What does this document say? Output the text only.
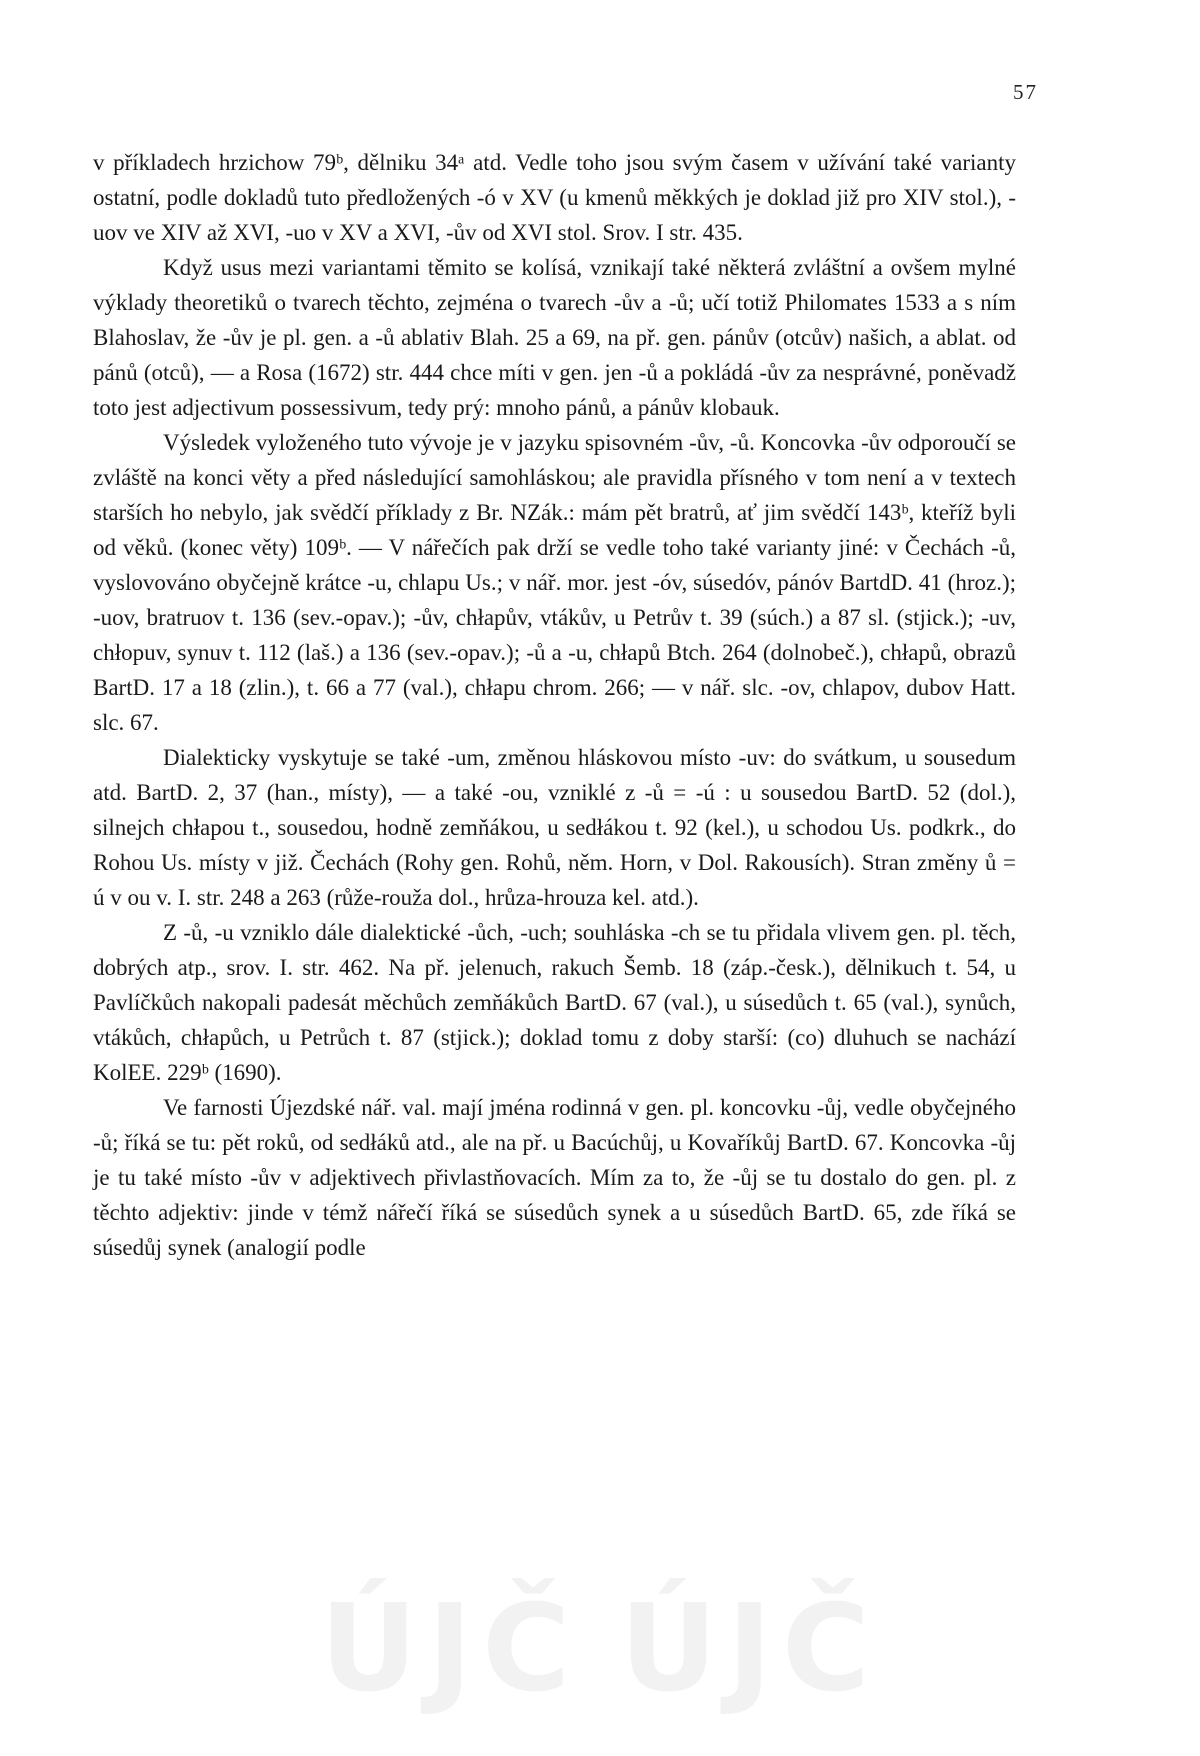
57

v příkladech hrzichow 79ᵇ, dělniku 34ᵃ atd. Vedle toho jsou svým časem v užívání také varianty ostatní, podle dokladů tuto předložených -ó v XV (u kmenů měkkých je doklad již pro XIV stol.), -uov ve XIV až XVI, -uo v XV a XVI, -ův od XVI stol. Srov. I str. 435.

Když usus mezi variantami těmito se kolísá, vznikají také některá zvláštní a ovšem mylné výklady theoretiků o tvarech těchto, zejména o tvarech -ův a -ů; učí totiž Philomates 1533 a s ním Blahoslav, že -ův je pl. gen. a -ů ablativ Blah. 25 a 69, na př. gen. pánův (otcův) našich, a ablat. od pánů (otců), — a Rosa (1672) str. 444 chce míti v gen. jen -ů a pokládá -ův za nesprávné, poněvadž toto jest adjectivum possessivum, tedy prý: mnoho pánů, a pánův klobauk.

Výsledek vyloženého tuto vývoje je v jazyku spisovném -ův, -ů. Koncovka -ův odporoučí se zvláště na konci věty a před následující samohláskou; ale pravidla přísného v tom není a v textech starších ho nebylo, jak svědčí příklady z Br. NZák.: mám pět bratrů, ať jim svědčí 143ᵇ, kteříž byli od věků. (konec věty) 109ᵇ. — V nářečích pak drží se vedle toho také varianty jiné: v Čechách -ů, vyslovováno obyčejně krátce -u, chlapu Us.; v nář. mor. jest -óv, súsedóv, pánóv BartdD. 41 (hroz.); -uov, bratruov t. 136 (sev.-opav.); -ův, chłapův, vtákův, u Petrův t. 39 (súch.) a 87 sl. (stjick.); -uv, chłopuv, synuv t. 112 (laš.) a 136 (sev.-opav.); -ů a -u, chłapů Btch. 264 (dolnobeč.), chłapů, obrazů BartD. 17 a 18 (zlin.), t. 66 a 77 (val.), chłapu chrom. 266; — v nář. slc. -ov, chlapov, dubov Hatt. slc. 67.

Dialekticky vyskytuje se také -um, změnou hláskovou místo -uv: do svátkum, u sousedum atd. BartD. 2, 37 (han., místy), — a také -ou, vzniklé z -ů = -ú : u sousedou BartD. 52 (dol.), silnejch chłapou t., sousedou, hodně zemňákou, u sedłákou t. 92 (kel.), u schodou Us. podkrk., do Rohou Us. místy v již. Čechách (Rohy gen. Rohů, něm. Horn, v Dol. Rakousích). Stran změny ů = ú v ou v. I. str. 248 a 263 (růže-rouža dol., hrůza-hrouza kel. atd.).

Z -ů, -u vzniklo dále dialektické -ůch, -uch; souhláska -ch se tu přidala vlivem gen. pl. těch, dobrých atp., srov. I. str. 462. Na př. jelenuch, rakuch Šemb. 18 (záp.-česk.), dělnikuch t. 54, u Pavlíčkůch nakopali padesát měchůch zemňákůch BartD. 67 (val.), u súsedůch t. 65 (val.), synůch, vtákůch, chłapůch, u Petrůch t. 87 (stjick.); doklad tomu z doby starší: (co) dluhuch se nachází KolEE. 229ᵇ (1690).

Ve farnosti Újezdské nář. val. mají jména rodinná v gen. pl. koncovku -ůj, vedle obyčejného -ů; říká se tu: pět roků, od sedłáků atd., ale na př. u Bacúchůj, u Kovaříkůj BartD. 67. Koncovka -ůj je tu také místo -ův v adjektivech přivlastňovacích. Mím za to, že -ůj se tu dostalo do gen. pl. z těchto adjektiv: jinde v témž nářečí říká se súsedůch synek a u súsedůch BartD. 65, zde říká se súsedůj synek (analogií podle

ÚJČ ÚJČ
